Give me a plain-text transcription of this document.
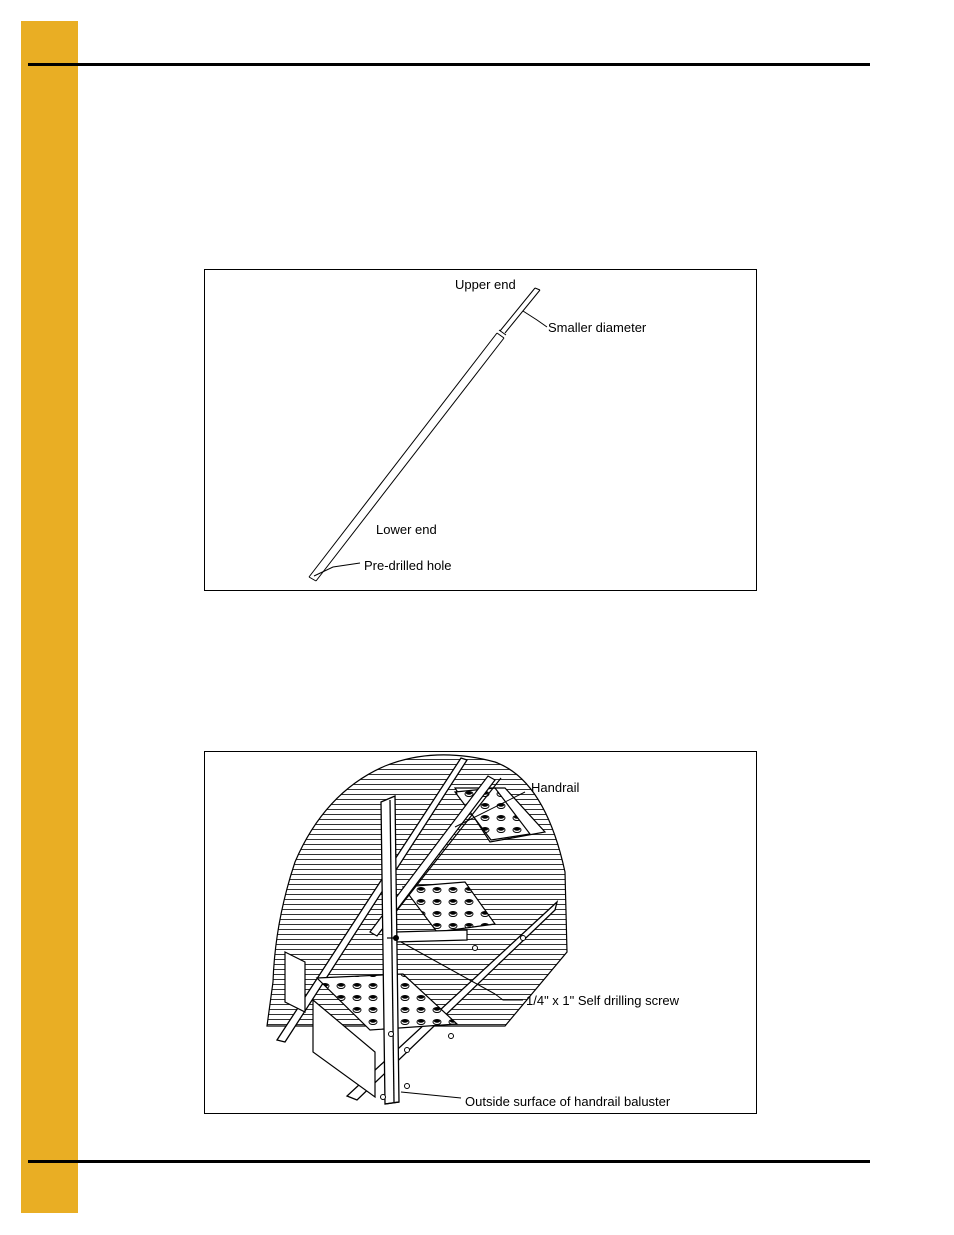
Upper end
Smaller diameter
Lower end
Pre-drilled hole
Handrail
1/4" x 1" Self drilling screw
Outside surface of handrail baluster
